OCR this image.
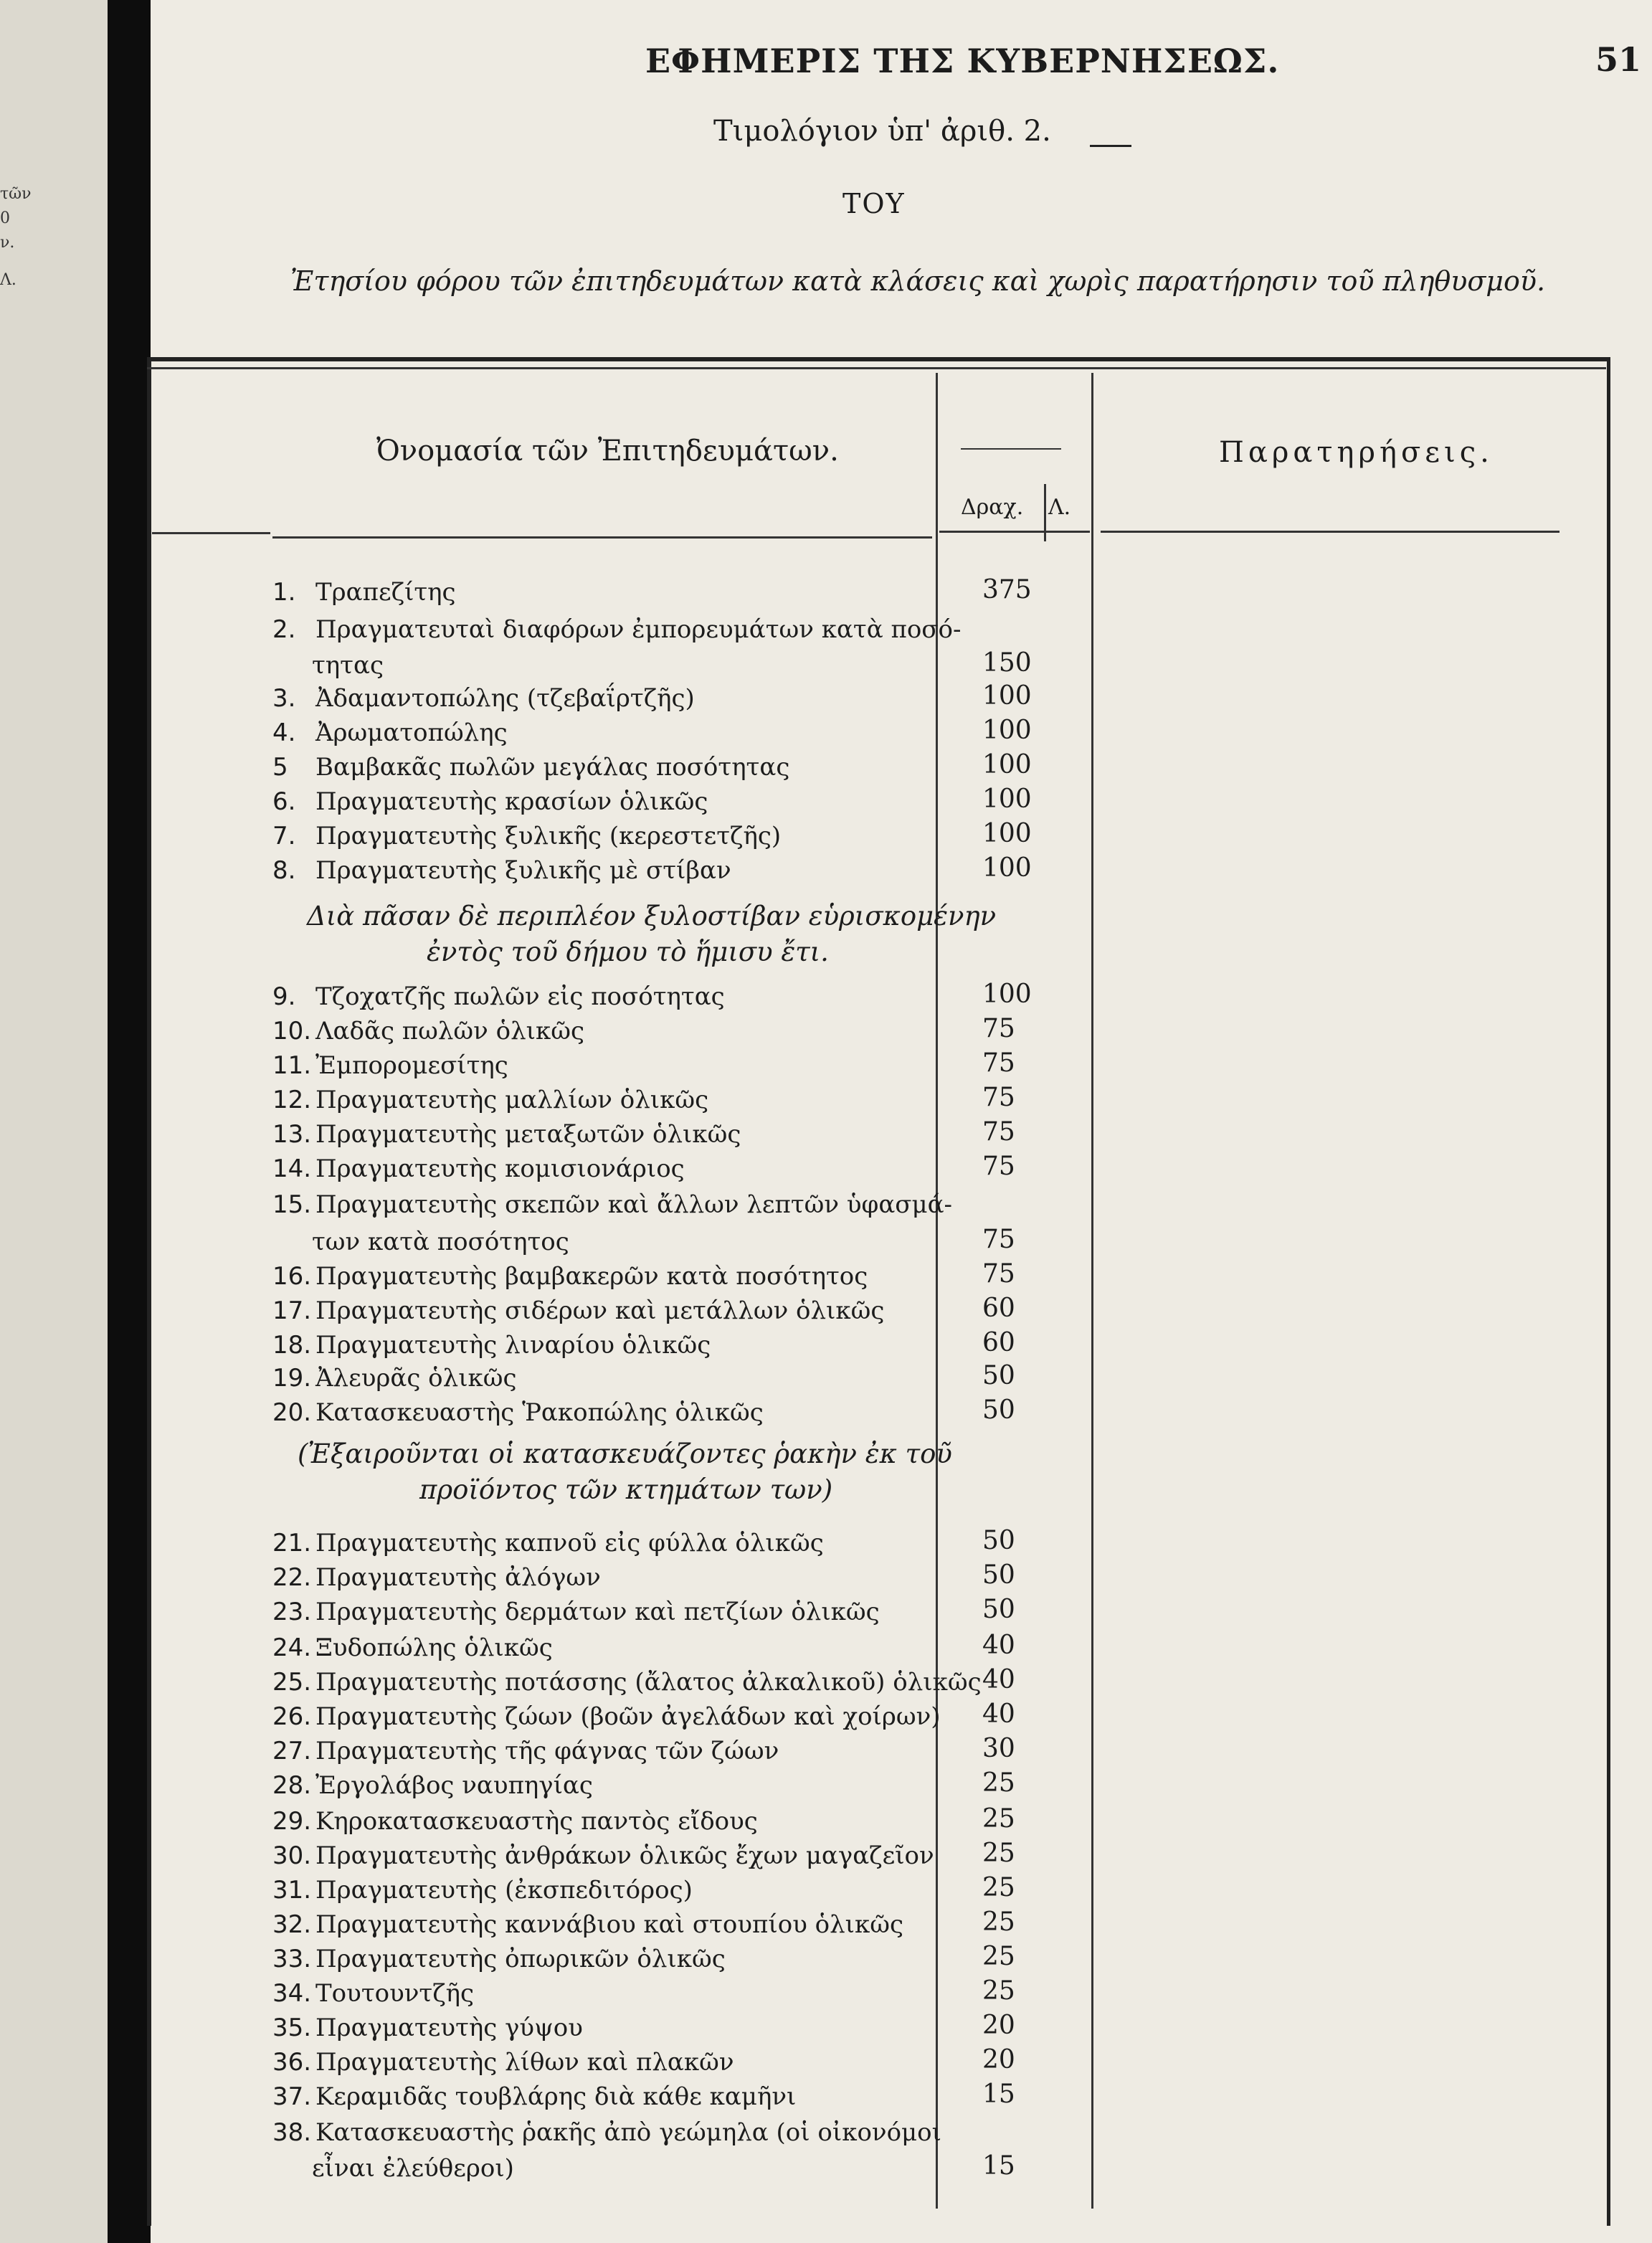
τῶν
0
ν.
Λ.
ΕΦΗΜΕΡΙΣ ΤΗΣ ΚΥΒΕΡΝΗΣΕΩΣ.	51
Τιμολόγιον ὑπ' ἀριθ. 2.
ΤΟΥ
Ἐτησίου φόρου τῶν ἐπιτηδευμάτων κατὰ κλάσεις καὶ χωρὶς παρατήρησιν τοῦ πληθυσμοῦ.
Ὀνομασία τῶν Ἐπιτηδευμάτων.	Παρατηρήσεις.
Δραχ. Λ.
1. Τραπεζίτης	375
2. Πραγματευταὶ διαφόρων ἐμπορευμάτων κατὰ ποσό-
τητας	150
3. Ἀδαμαντοπώλης (τζεβαΐρτζῆς)	100
4. Ἀρωματοπώλης	100
5 Βαμβακᾶς πωλῶν μεγάλας ποσότητας	100
6. Πραγματευτὴς κρασίων ὁλικῶς	100
7. Πραγματευτὴς ξυλικῆς (κερεστετζῆς)	100
8. Πραγματευτὴς ξυλικῆς μὲ στίβαν	100
9. Τζοχατζῆς πωλῶν εἰς ποσότητας	100
10. Λαδᾶς πωλῶν ὁλικῶς	75
11. Ἐμπορομεσίτης	75
12. Πραγματευτὴς μαλλίων ὁλικῶς	75
13. Πραγματευτὴς μεταξωτῶν ὁλικῶς	75
14. Πραγματευτὴς κομισιονάριος	75
15. Πραγματευτὴς σκεπῶν καὶ ἄλλων λεπτῶν ὑφασμά-
των κατὰ ποσότητος	75
16. Πραγματευτὴς βαμβακερῶν κατὰ ποσότητος	75
17. Πραγματευτὴς σιδέρων καὶ μετάλλων ὁλικῶς	60
18. Πραγματευτὴς λιναρίου ὁλικῶς	60
19. Ἀλευρᾶς ὁλικῶς	50
20. Κατασκευαστὴς Ῥακοπώλης ὁλικῶς	50
21. Πραγματευτὴς καπνοῦ εἰς φύλλα ὁλικῶς	50
22. Πραγματευτὴς ἀλόγων	50
23. Πραγματευτὴς δερμάτων καὶ πετζίων ὁλικῶς	50
24. Ξυδοπώλης ὁλικῶς	40
25. Πραγματευτὴς ποτάσσης (ἄλατος ἀλκαλικοῦ) ὁλικῶς 40
26. Πραγματευτὴς ζώων (βοῶν ἀγελάδων καὶ χοίρων) 40
27. Πραγματευτὴς τῆς φάγνας τῶν ζώων	30
28. Ἐργολάβος ναυπηγίας	25
29. Κηροκατασκευαστὴς παντὸς εἴδους	25
30. Πραγματευτὴς ἀνθράκων ὁλικῶς ἔχων μαγαζεῖον 25
31. Πραγματευτὴς (ἐκσπεδιτόρος)	25
32. Πραγματευτὴς καννάβιου καὶ στουπίου ὁλικῶς	25
33. Πραγματευτὴς ὀπωρικῶν ὁλικῶς	25
34. Τουτουντζῆς	25
35. Πραγματευτὴς γύψου	20
36. Πραγματευτὴς λίθων καὶ πλακῶν	20
37. Κεραμιδᾶς τουβλάρης διὰ κάθε καμῆνι	15
38. Κατασκευαστὴς ῥακῆς ἀπὸ γεώμηλα (οἱ οἰκονόμοι
εἶναι ἐλεύθεροι)	15
Διὰ πᾶσαν δὲ περιπλέον ξυλοστίβαν εὑρισκομένην
ἐντὸς τοῦ δήμου τὸ ἥμισυ ἔτι.
(Ἐξαιροῦνται οἱ κατασκευάζοντες ῥακὴν ἐκ τοῦ
προϊόντος τῶν κτημάτων των)
